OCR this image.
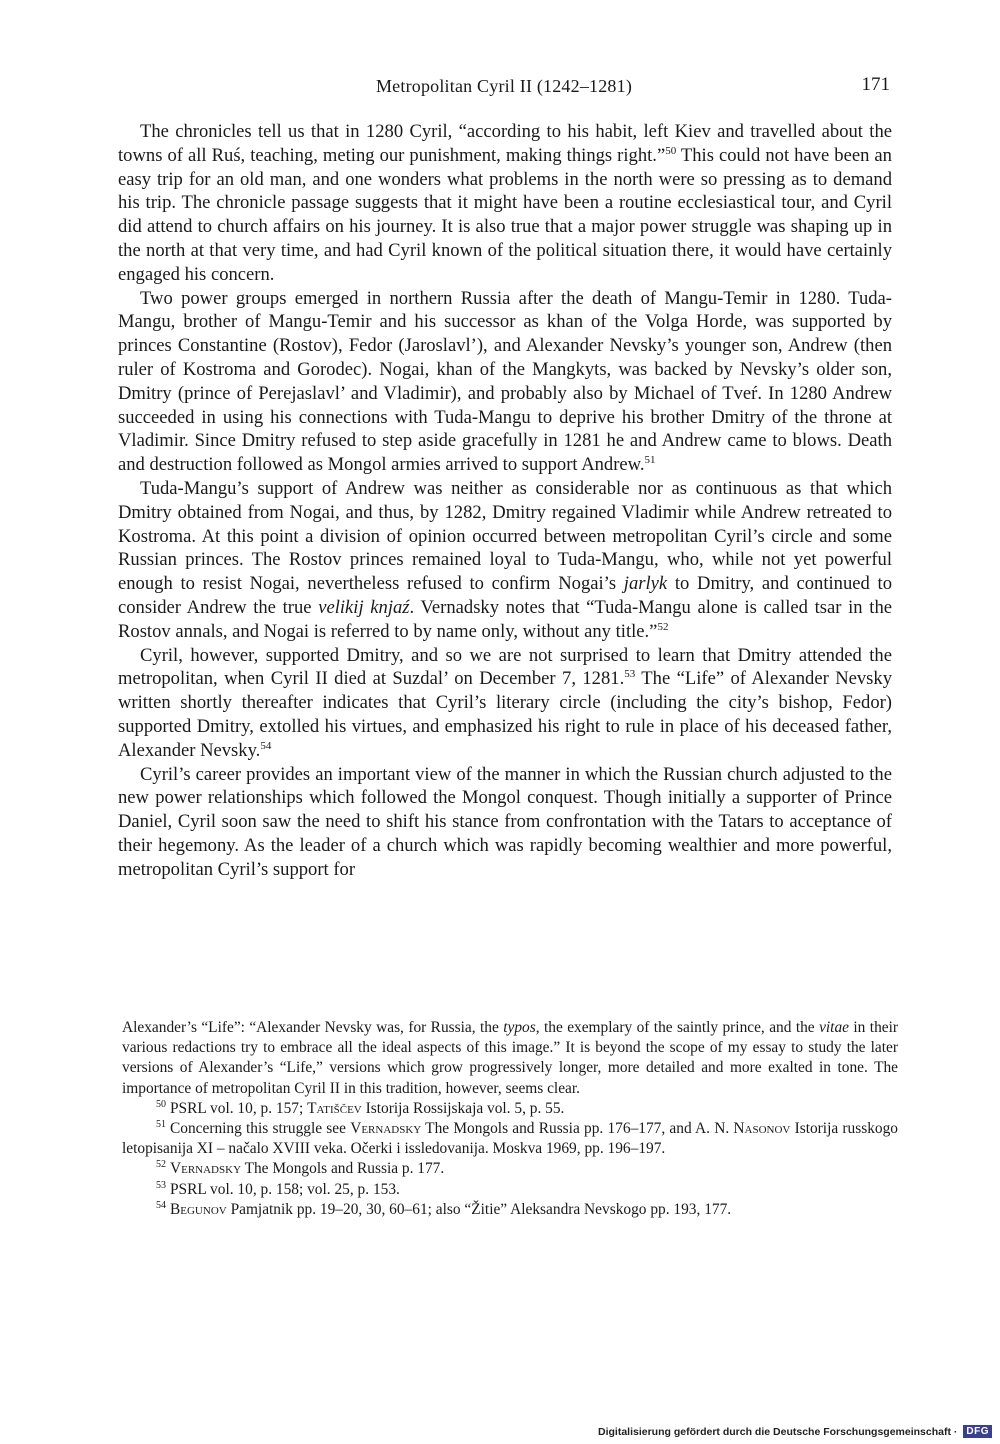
Metropolitan Cyril II (1242–1281)	171

The chronicles tell us that in 1280 Cyril, “according to his habit, left Kiev and travelled about the towns of all Ruś, teaching, meting our punishment, making things right.”$^{50}$ This could not have been an easy trip for an old man, and one wonders what problems in the north were so pressing as to demand his trip. The chronicle passage suggests that it might have been a routine ecclesiastical tour, and Cyril did attend to church affairs on his journey. It is also true that a major power struggle was shaping up in the north at that very time, and had Cyril known of the political situation there, it would have certainly engaged his concern.

Two power groups emerged in northern Russia after the death of Mangu-Temir in 1280. Tuda-Mangu, brother of Mangu-Temir and his successor as khan of the Volga Horde, was supported by princes Constantine (Rostov), Fedor (Jaroslavl’), and Alexander Nevsky’s younger son, Andrew (then ruler of Kostroma and Gorodec). Nogai, khan of the Mangkyts, was backed by Nevsky’s older son, Dmitry (prince of Perejaslavl’ and Vladimir), and probably also by Michael of Tveŕ. In 1280 Andrew succeeded in using his connections with Tuda-Mangu to deprive his brother Dmitry of the throne at Vladimir. Since Dmitry refused to step aside gracefully in 1281 he and Andrew came to blows. Death and destruction followed as Mongol armies arrived to support Andrew.$^{51}$

Tuda-Mangu’s support of Andrew was neither as considerable nor as continuous as that which Dmitry obtained from Nogai, and thus, by 1282, Dmitry regained Vladimir while Andrew retreated to Kostroma. At this point a division of opinion occurred between metropolitan Cyril’s circle and some Russian princes. The Rostov princes remained loyal to Tuda-Mangu, who, while not yet powerful enough to resist Nogai, nevertheless refused to confirm Nogai’s jarlyk to Dmitry, and continued to consider Andrew the true velikij knjaź. Vernadsky notes that “Tuda-Mangu alone is called tsar in the Rostov annals, and Nogai is referred to by name only, without any title.”$^{52}$

Cyril, however, supported Dmitry, and so we are not surprised to learn that Dmitry attended the metropolitan, when Cyril II died at Suzdal’ on December 7, 1281.53 The “Life” of Alexander Nevsky written shortly thereafter indicates that Cyril’s literary circle (including the city’s bishop, Fedor) supported Dmitry, extolled his virtues, and emphasized his right to rule in place of his deceased father, Alexander Nevsky.$^{54}$

Cyril’s career provides an important view of the manner in which the Russian church adjusted to the new power relationships which followed the Mongol conquest. Though initially a supporter of Prince Daniel, Cyril soon saw the need to shift his stance from confrontation with the Tatars to acceptance of their hegemony. As the leader of a church which was rapidly becoming wealthier and more powerful, metropolitan Cyril’s support for

Alexander’s “Life”: “Alexander Nevsky was, for Russia, the typos, the exemplary of the saintly prince, and the vitae in their various redactions try to embrace all the ideal aspects of this image.” It is beyond the scope of my essay to study the later versions of Alexander’s “Life,” versions which grow progressively longer, more detailed and more exalted in tone. The importance of metropolitan Cyril II in this tradition, however, seems clear.

$^{50}$ PSRL vol. 10, p. 157; Tatiščev Istorija Rossijskaja vol. 5, p. 55.

$^{51}$ Concerning this struggle see Vernadsky The Mongols and Russia pp. 176–177, and A. N. Nasonov Istorija russkogo letopisanija XI – načalo XVIII veka. Očerki i issledovanija. Moskva 1969, pp. 196–197.

$^{52}$ Vernadsky The Mongols and Russia p. 177.

$^{53}$ PSRL vol. 10, p. 158; vol. 25, p. 153.

$^{54}$ Begunov Pamjatnik pp. 19–20, 30, 60–61; also “Žitie” Aleksandra Nevskogo pp. 193, 177.

Digitalisierung gefördert durch die Deutsche Forschungsgemeinschaft · DFG
